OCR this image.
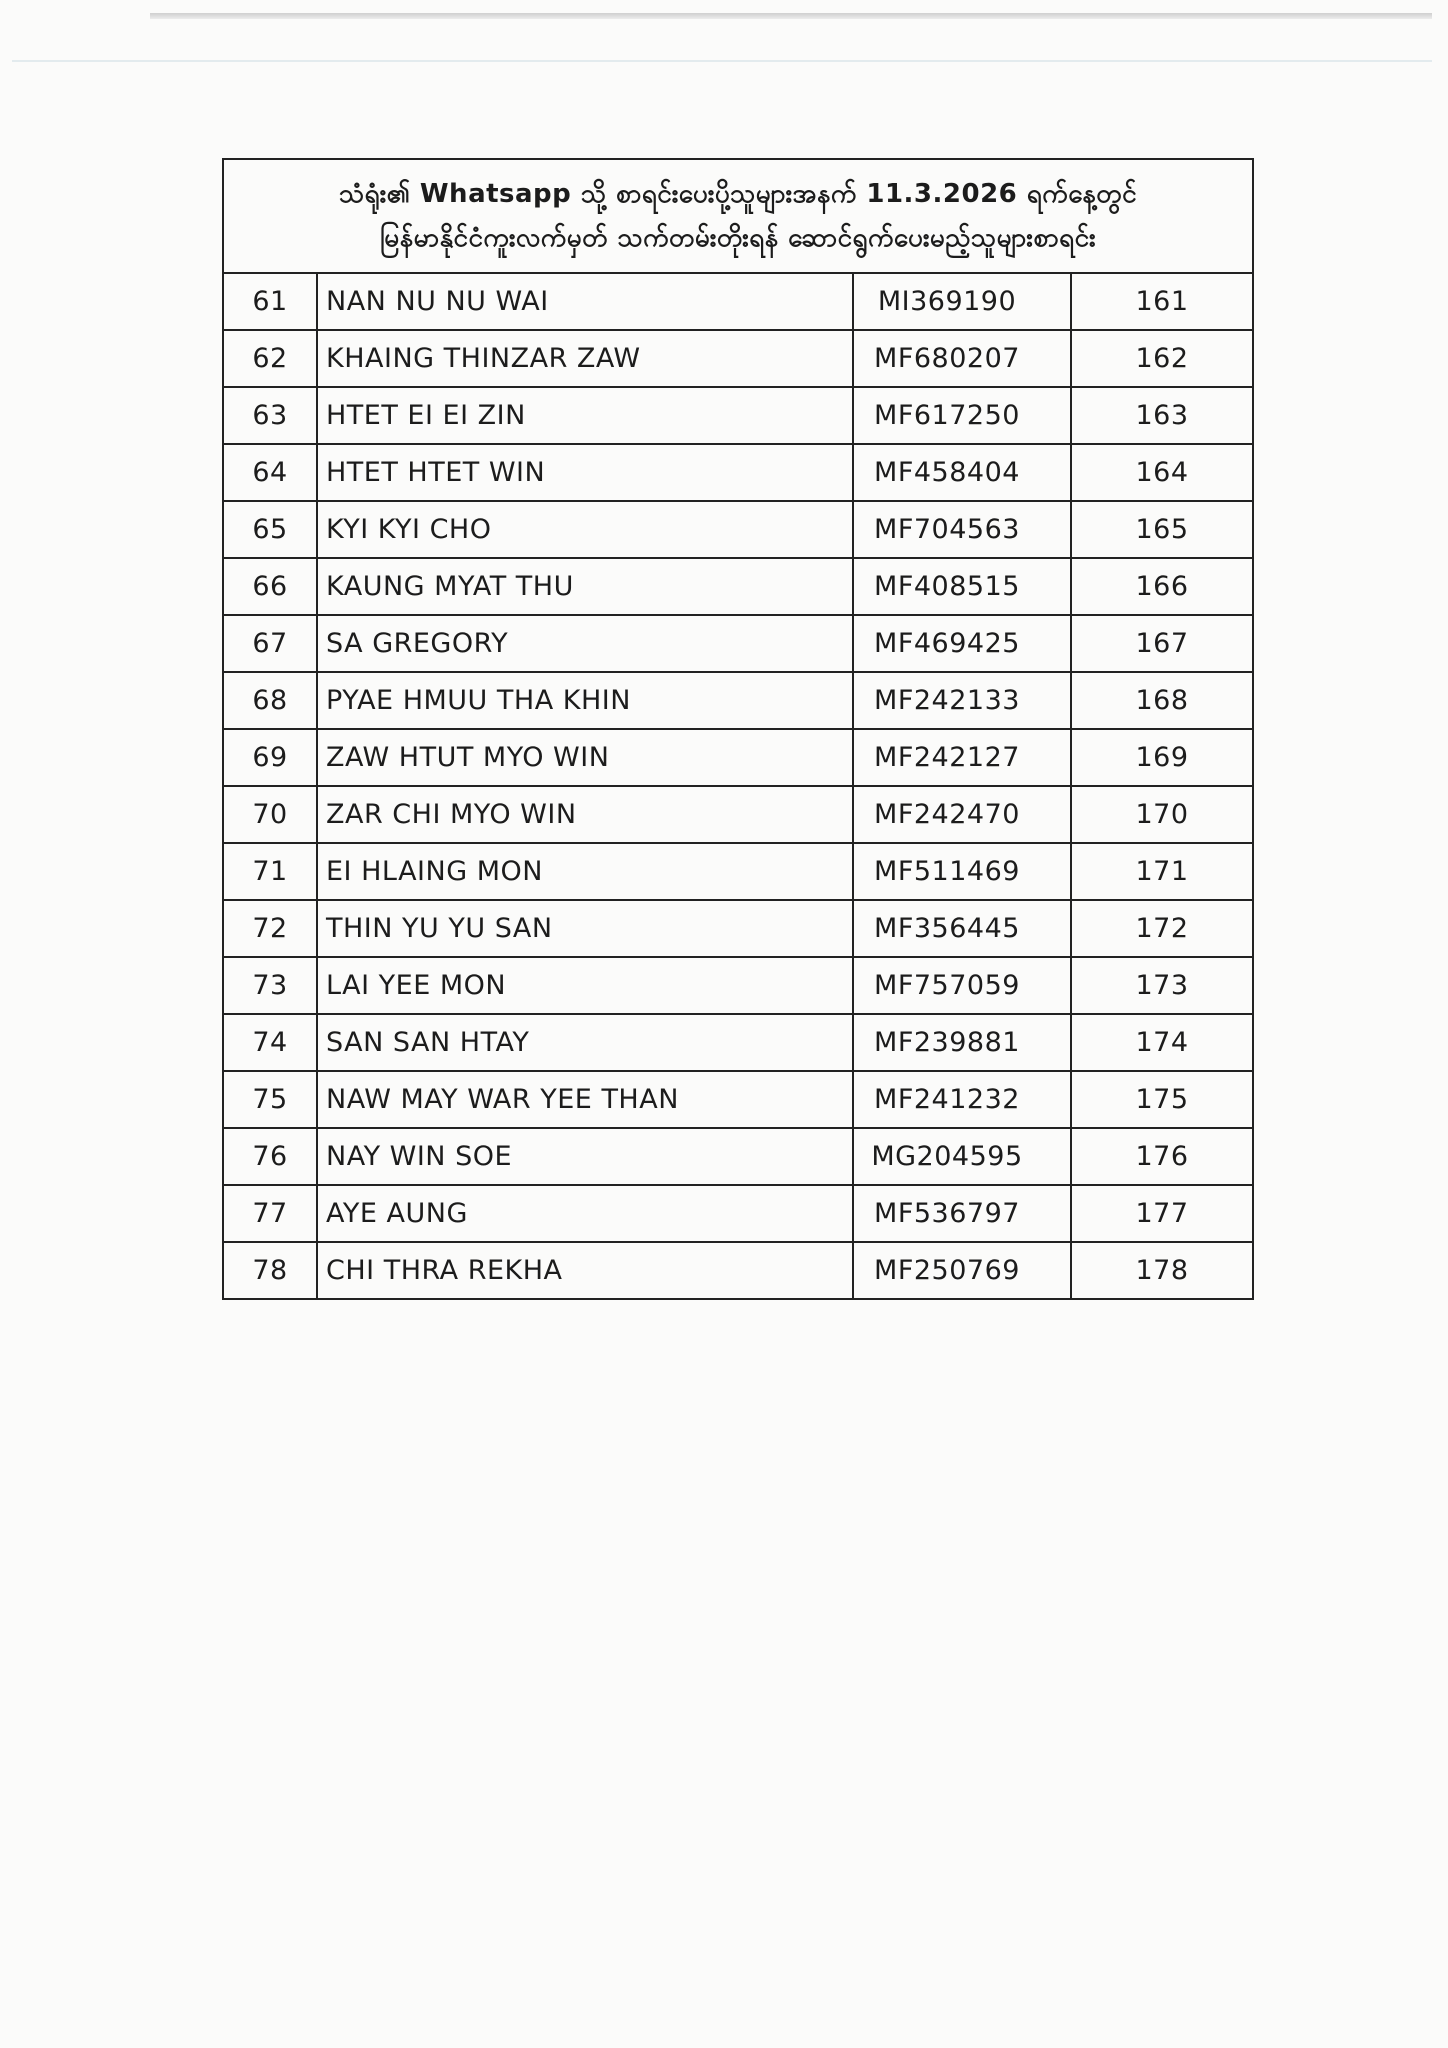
သံရုံး၏ Whatsapp သို့ စာရင်းပေးပို့သူများအနက် 11.3.2026 ရက်နေ့တွင်
မြန်မာနိုင်ငံကူးလက်မှတ် သက်တမ်းတိုးရန် ဆောင်ရွက်ပေးမည့်သူများစာရင်း			

61	NAN NU NU WAI	MI369190	161
62	KHAING THINZAR ZAW	MF680207	162
63	HTET EI EI ZIN	MF617250	163
64	HTET HTET WIN	MF458404	164
65	KYI KYI CHO	MF704563	165
66	KAUNG MYAT THU	MF408515	166
67	SA GREGORY	MF469425	167
68	PYAE HMUU THA KHIN	MF242133	168
69	ZAW HTUT MYO WIN	MF242127	169
70	ZAR CHI MYO WIN	MF242470	170
71	EI HLAING MON	MF511469	171
72	THIN YU YU SAN	MF356445	172
73	LAI YEE MON	MF757059	173
74	SAN SAN HTAY	MF239881	174
75	NAW MAY WAR YEE THAN	MF241232	175
76	NAY WIN SOE	MG204595	176
77	AYE AUNG	MF536797	177
78	CHI THRA REKHA	MF250769	178
